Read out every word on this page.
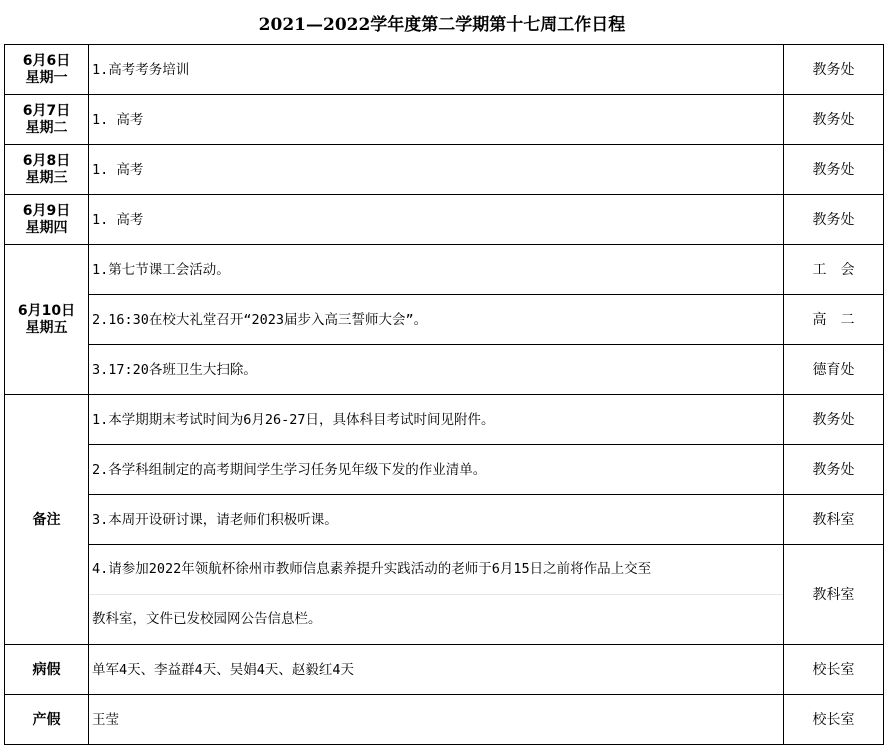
2021—2022学年度第二学期第十七周工作日程
6月6日
星期一	1.高考考务培训	教务处

6月7日
星期二	1. 高考	教务处

6月8日
星期三	1. 高考	教务处

6月9日
星期四	1. 高考	教务处

6月10日
星期五	1.第七节课工会活动。	工会
	2.16:30在校大礼堂召开“2023届步入高三誓师大会”。	高二
	3.17:20各班卫生大扫除。	德育处
备注	1.本学期期末考试时间为6月26-27日，具体科目考试时间见附件。	教务处
	2.各学科组制定的高考期间学生学习任务见年级下发的作业清单。	教务处
	3.本周开设研讨课，请老师们积极听课。	教科室

	4.请参加2022年领航杯徐州市教师信息素养提升实践活动的老师于6月15日之前将作品上交至
教科室，文件已发校园网公告信息栏。	教科室
病假	单军4天、李益群4天、吴娟4天、赵毅红4天	校长室
产假	王莹	校长室
